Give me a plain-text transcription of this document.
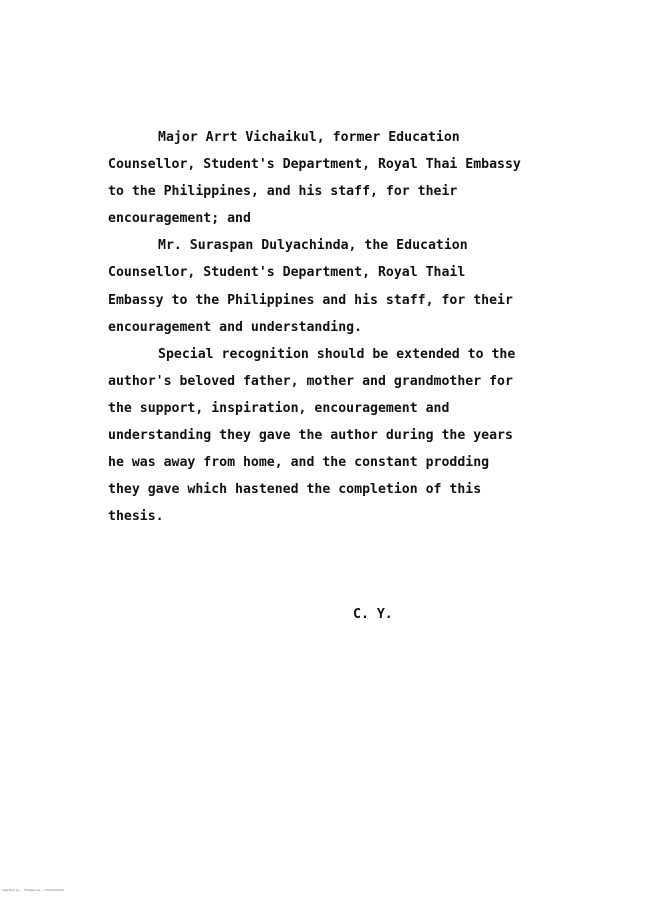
Major Arrt Vichaikul, former Education
Counsellor, Student's Department, Royal Thai Embassy
to the Philippines, and his staff, for their
encouragement; and
Mr. Suraspan Dulyachinda, the Education
Counsellor, Student's Department, Royal Thail
Embassy to the Philippines and his staff, for their
encouragement and understanding.
Special recognition should be extended to the
author's beloved father, mother and grandmother for
the support, inspiration, encouragement and
understanding they gave the author during the years
he was away from home, and the constant prodding
they gave which hastened the completion of this
thesis.
C. Y.
digitized by ... Philippines ... 0000000000
